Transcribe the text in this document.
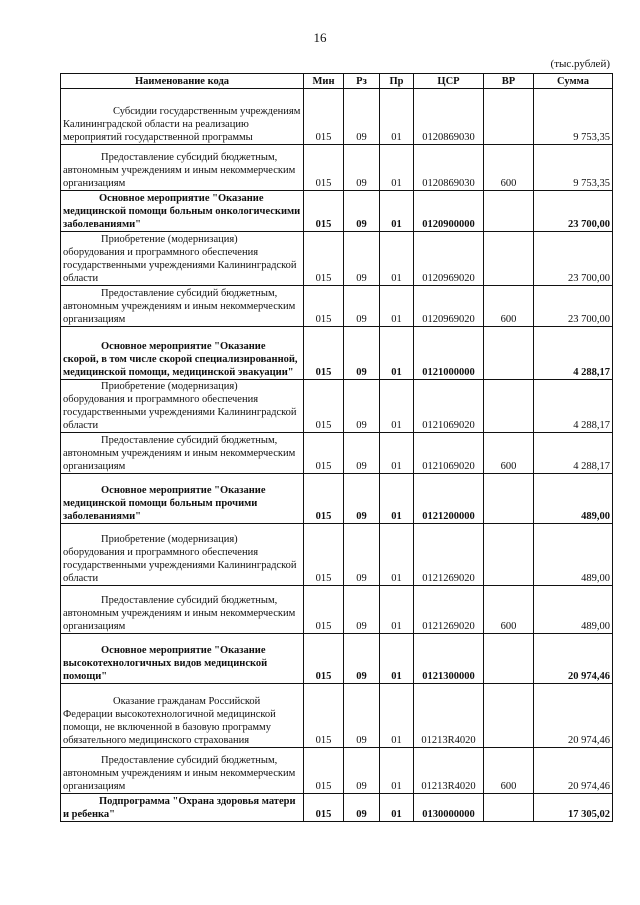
16
(тыс.рублей)
Наименование кода	Мин	Рз	Пр	ЦСР	ВР	Сумма
Субсидии государственным учреждениям Калининградской области на реализацию мероприятий государственной программы	015	09	01	0120869030		9 753,35
Предоставление субсидий бюджетным, автономным учреждениям и иным некоммерческим организациям	015	09	01	0120869030	600	9 753,35
Основное мероприятие "Оказание медицинской помощи больным онкологическими заболеваниями"	015	09	01	0120900000		23 700,00
Приобретение (модернизация) оборудования и программного обеспечения государственными учреждениями Калининградской области	015	09	01	0120969020		23 700,00
Предоставление субсидий бюджетным, автономным учреждениям и иным некоммерческим организациям	015	09	01	0120969020	600	23 700,00
Основное мероприятие "Оказание скорой, в том числе скорой специализированной, медицинской помощи, медицинской эвакуации"	015	09	01	0121000000		4 288,17
Приобретение (модернизация) оборудования и программного обеспечения государственными учреждениями Калининградской области	015	09	01	0121069020		4 288,17
Предоставление субсидий бюджетным, автономным учреждениям и иным некоммерческим организациям	015	09	01	0121069020	600	4 288,17
Основное мероприятие "Оказание медицинской помощи больным прочими заболеваниями"	015	09	01	0121200000		489,00
Приобретение (модернизация) оборудования и программного обеспечения государственными учреждениями Калининградской области	015	09	01	0121269020		489,00
Предоставление субсидий бюджетным, автономным учреждениям и иным некоммерческим организациям	015	09	01	0121269020	600	489,00
Основное мероприятие "Оказание высокотехнологичных видов медицинской помощи"	015	09	01	0121300000		20 974,46
Оказание гражданам Российской Федерации высокотехнологичной медицинской помощи, не включенной в базовую программу обязательного медицинского страхования	015	09	01	01213R4020		20 974,46
Предоставление субсидий бюджетным, автономным учреждениям и иным некоммерческим организациям	015	09	01	01213R4020	600	20 974,46
Подпрограмма "Охрана здоровья матери и ребенка"	015	09	01	0130000000		17 305,02
